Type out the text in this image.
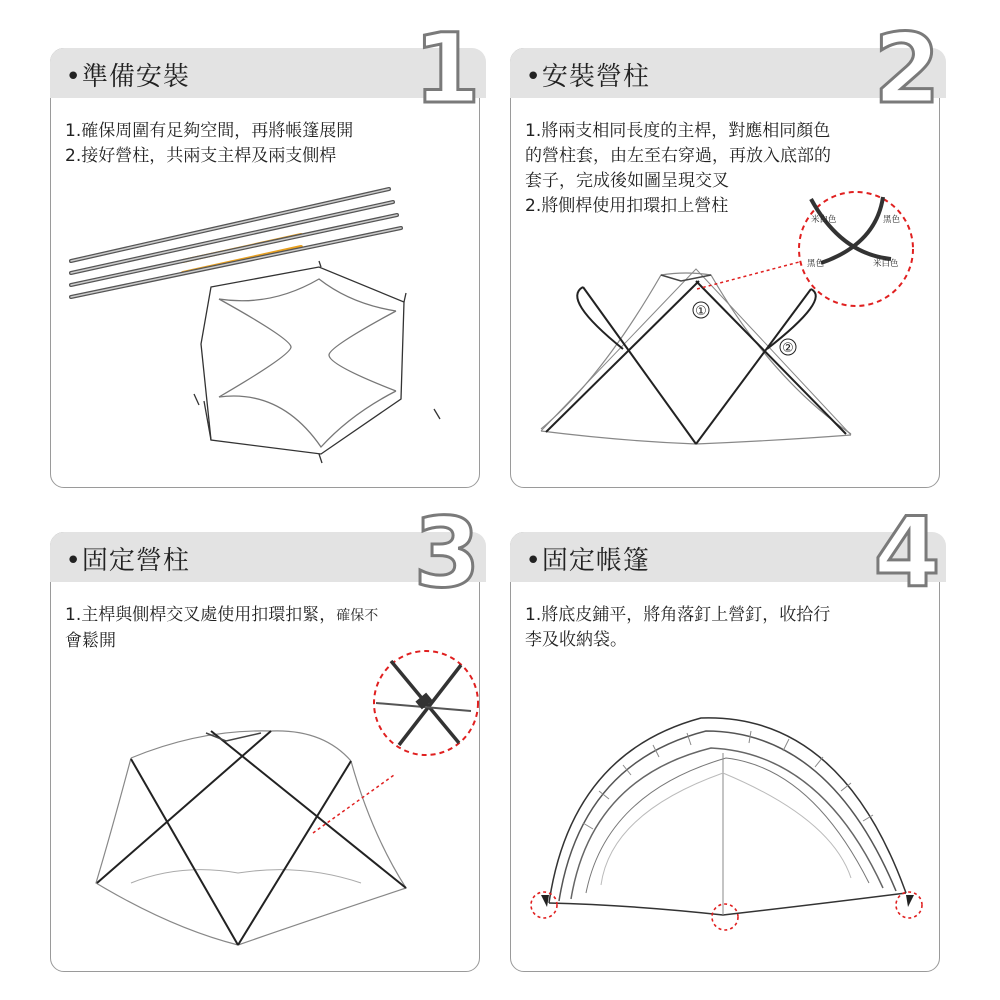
•準備安裝 1
1.確保周圍有足夠空間，再將帳篷展開
2.接好營柱，共兩支主桿及兩支側桿
•安裝營柱 2
1.將兩支相同長度的主桿，對應相同顏色
的營柱套，由左至右穿過，再放入底部的
套子，完成後如圖呈現交叉
2.將側桿使用扣環扣上營柱
①
②
米白色	黑色
黑色	米白色
•固定營柱 3
1.主桿與側桿交叉處使用扣環扣緊，確保不
會鬆開
•固定帳篷 4
1.將底皮鋪平，將角落釘上營釘，收拾行
李及收納袋。
